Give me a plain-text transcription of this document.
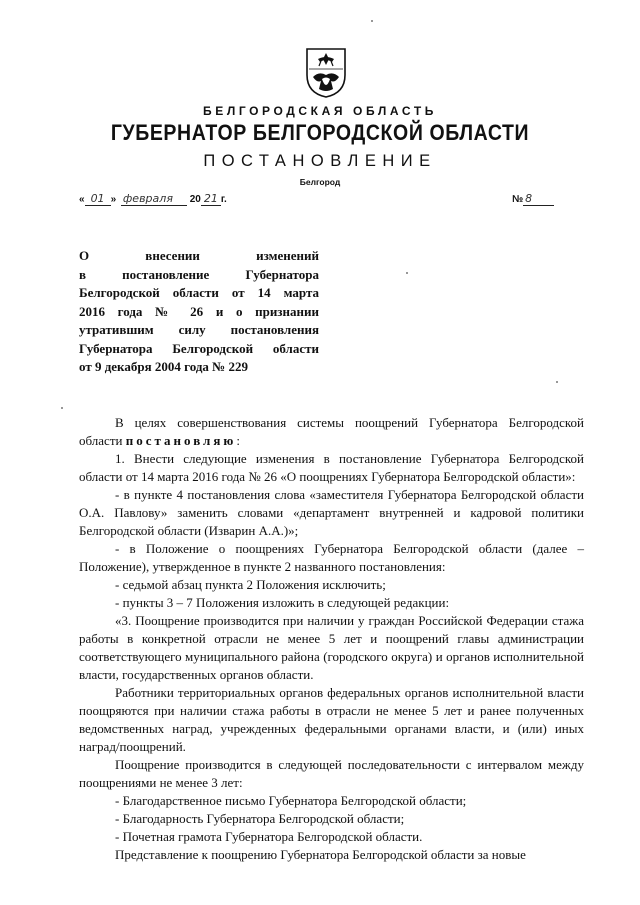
БЕЛГОРОДСКАЯ ОБЛАСТЬ
ГУБЕРНАТОР БЕЛГОРОДСКОЙ ОБЛАСТИ
ПОСТАНОВЛЕНИЕ
Белгород
« 01 » февраля 20 21 г.	№ 8
О внесении изменений
в постановление Губернатора
Белгородской области от 14 марта
2016 года № 26 и о признании
утратившим силу постановления
Губернатора Белгородской области
от 9 декабря 2004 года № 229

В целях совершенствования системы поощрений Губернатора Белгородской области постановляю:

1. Внести следующие изменения в постановление Губернатора Белгородской области от 14 марта 2016 года № 26 «О поощрениях Губернатора Белгородской области»:

- в пункте 4 постановления слова «заместителя Губернатора Белгородской области О.А. Павлову» заменить словами «департамент внутренней и кадровой политики Белгородской области (Изварин А.А.)»;

- в Положение о поощрениях Губернатора Белгородской области (далее – Положение), утвержденное в пункте 2 названного постановления:

- седьмой абзац пункта 2 Положения исключить;

- пункты 3 – 7 Положения изложить в следующей редакции:

«3. Поощрение производится при наличии у граждан Российской Федерации стажа работы в конкретной отрасли не менее 5 лет и поощрений главы администрации соответствующего муниципального района (городского округа) и органов исполнительной власти, государственных органов области.

Работники территориальных органов федеральных органов исполнительной власти поощряются при наличии стажа работы в отрасли не менее 5 лет и ранее полученных ведомственных наград, учрежденных федеральными органами власти, и (или) иных наград/поощрений.

Поощрение производится в следующей последовательности с интервалом между поощрениями не менее 3 лет:

- Благодарственное письмо Губернатора Белгородской области;

- Благодарность Губернатора Белгородской области;

- Почетная грамота Губернатора Белгородской области.

Представление к поощрению Губернатора Белгородской области за новые
